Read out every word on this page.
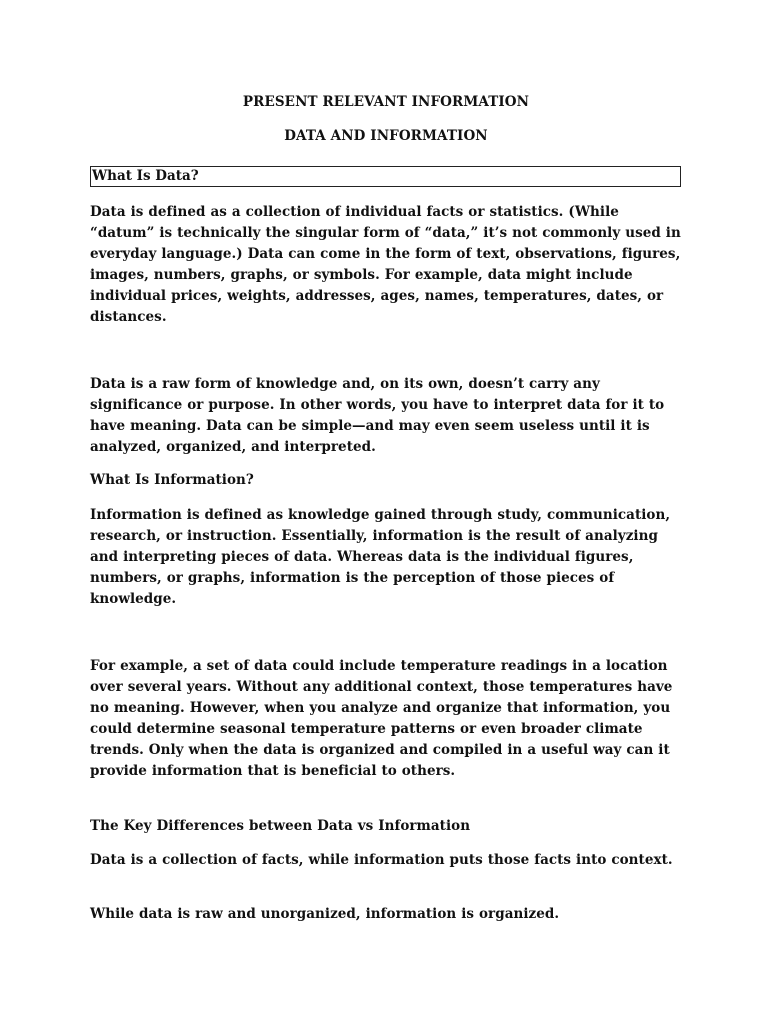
PRESENT RELEVANT INFORMATION
DATA AND INFORMATION
What Is Data?

Data is defined as a collection of individual facts or statistics. (While “datum” is technically the singular form of “data,” it’s not commonly used in everyday language.) Data can come in the form of text, observations, figures, images, numbers, graphs, or symbols. For example, data might include individual prices, weights, addresses, ages, names, temperatures, dates, or distances.

Data is a raw form of knowledge and, on its own, doesn’t carry any significance or purpose. In other words, you have to interpret data for it to have meaning. Data can be simple—and may even seem useless until it is analyzed, organized, and interpreted.

What Is Information?

Information is defined as knowledge gained through study, communication, research, or instruction. Essentially, information is the result of analyzing and interpreting pieces of data. Whereas data is the individual figures, numbers, or graphs, information is the perception of those pieces of knowledge.

For example, a set of data could include temperature readings in a location over several years. Without any additional context, those temperatures have no meaning. However, when you analyze and organize that information, you could determine seasonal temperature patterns or even broader climate trends. Only when the data is organized and compiled in a useful way can it provide information that is beneficial to others.

The Key Differences between Data vs Information

Data is a collection of facts, while information puts those facts into context.

While data is raw and unorganized, information is organized.
